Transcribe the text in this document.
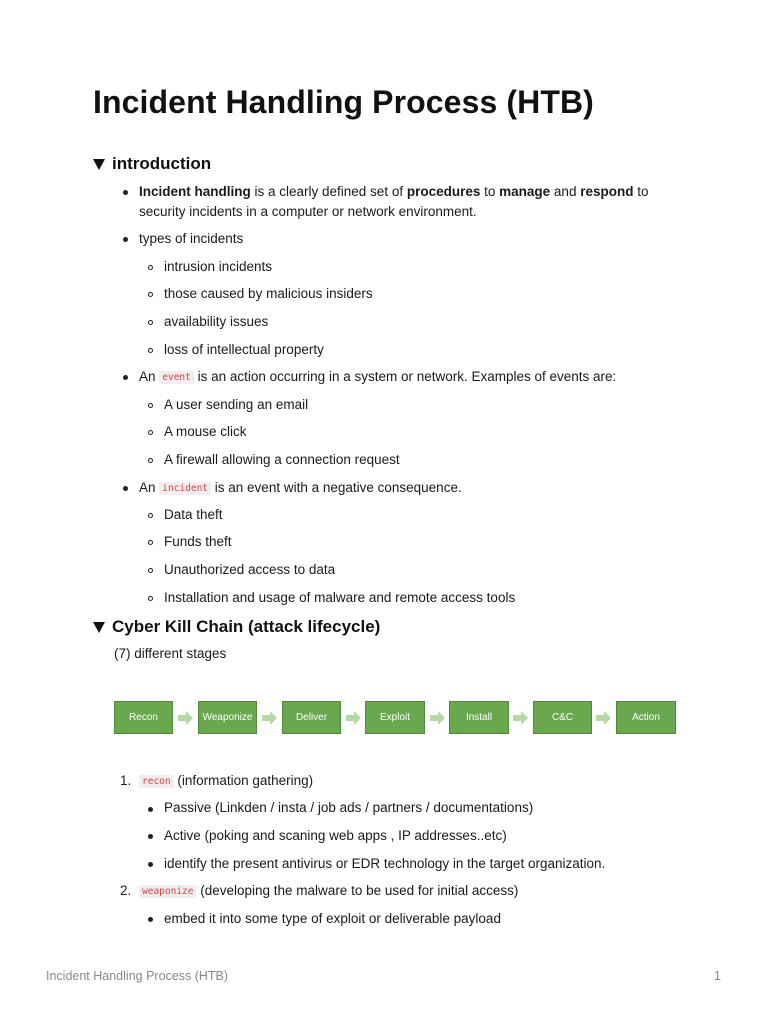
Incident Handling Process (HTB)
introduction
Incident handling is a clearly defined set of procedures to manage and respond to
security incidents in a computer or network environment.
types of incidents
intrusion incidents
those caused by malicious insiders
availability issues
loss of intellectual property
An event is an action occurring in a system or network. Examples of events are:
A user sending an email
A mouse click
A firewall allowing a connection request
An incident is an event with a negative consequence.
Data theft
Funds theft
Unauthorized access to data
Installation and usage of malware and remote access tools
Cyber Kill Chain (attack lifecycle)
(7) different stages
Recon	Weaponize	Deliver	Exploit	Install	C&C	Action
1.	recon (information gathering)
Passive (Linkden / insta / job ads / partners / documentations)
Active (poking and scaning web apps , IP addresses..etc)
identify the present antivirus or EDR technology in the target organization.
2.	weaponize (developing the malware to be used for initial access)
embed it into some type of exploit or deliverable payload
Incident Handling Process (HTB)	1
